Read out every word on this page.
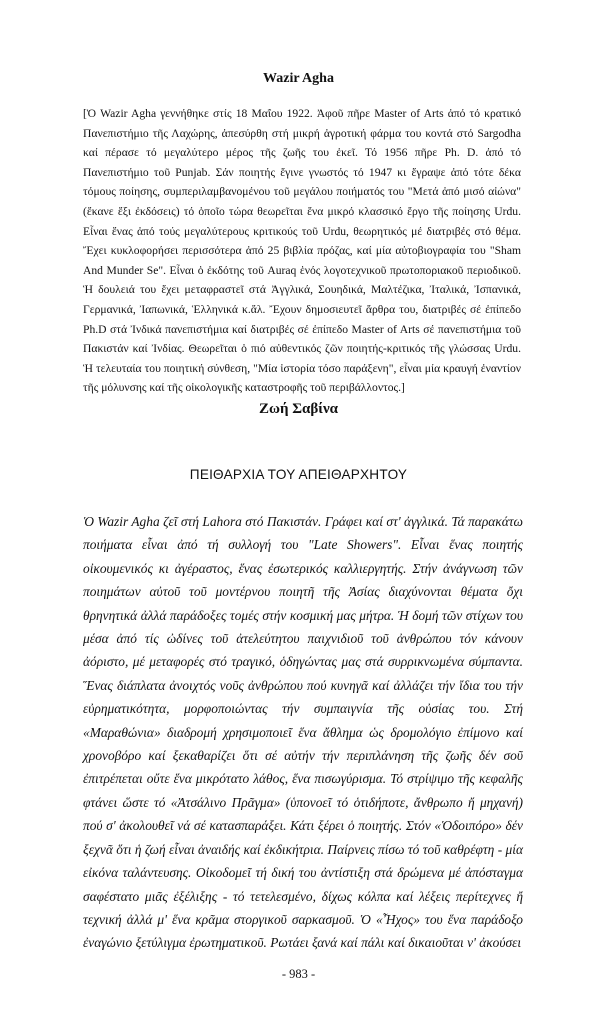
Wazir Agha

[Ὁ Wazir Agha γεννήθηκε στίς 18 Μαΐου 1922. Ἀφοῦ πῆρε Master of Arts ἀπό τό κρατικό Πανεπιστήμιο τῆς Λαχώρης, ἀπεσύρθη στή μικρή ἀγροτική φάρμα του κοντά στό Sargodha καί πέρασε τό μεγαλύτερο μέρος τῆς ζωῆς του ἐκεῖ. Τό 1956 πῆρε Ph. D. ἀπό τό Πανεπιστήμιο τοῦ Punjab. Σάν ποιητής ἔγινε γνωστός τό 1947 κι ἔγραψε ἀπό τότε δέκα τόμους ποίησης, συμπεριλαμβανομένου τοῦ μεγάλου ποιήματός του "Μετά ἀπό μισό αἰώνα" (ἔκανε ἔξι ἐκδόσεις) τό ὁποῖο τώρα θεωρεῖται ἕνα μικρό κλασσικό ἔργο τῆς ποίησης Urdu. Εἶναι ἕνας ἀπό τούς μεγαλύτερους κριτικούς τοῦ Urdu, θεωρητικός μέ διατριβές στό θέμα. Ἔχει κυκλοφορήσει περισσότερα ἀπό 25 βιβλία πρόζας, καί μία αὐτοβιογραφία του "Sham And Munder Se". Εἶναι ὁ ἐκδότης τοῦ Auraq ἑνός λογοτεχνικοῦ πρωτοποριακοῦ περιοδικοῦ. Ἡ δουλειά του ἔχει μεταφραστεῖ στά Ἀγγλικά, Σουηδικά, Μαλτέζικα, Ἰταλικά, Ἰσπανικά, Γερμανικά, Ἰαπωνικά, Ἑλληνικά κ.ἄλ. Ἔχουν δημοσιευτεῖ ἄρθρα του, διατριβές σέ ἐπίπεδο Ph.D στά Ἰνδικά πανεπιστήμια καί διατριβές σέ ἐπίπεδο Master of Arts σέ πανεπιστήμια τοῦ Πακιστάν καί Ἰνδίας. Θεωρεῖται ὁ πιό αὐθεντικός ζῶν ποιητής-κριτικός τῆς γλώσσας Urdu. Ἡ τελευταία του ποιητική σύνθεση, "Μία ἱστορία τόσο παράξενη", εἶναι μία κραυγή ἐναντίον τῆς μόλυνσης καί τῆς οἰκολογικῆς καταστροφῆς τοῦ περιβάλλοντος.]

Ζωή Σαβίνα
ΠΕΙΘΑΡΧΙΑ ΤΟΥ ΑΠΕΙΘΑΡΧΗΤΟΥ

Ὁ Wazir Agha ζεῖ στή Lahora στό Πακιστάν. Γράφει καί στ' ἀγγλικά. Τά παρακάτω ποιήματα εἶναι ἀπό τή συλλογή του "Late Showers". Εἶναι ἕνας ποιητής οἰκουμενικός κι ἀγέραστος, ἕνας ἐσωτερικός καλλιεργητής. Στήν ἀνάγνωση τῶν ποιημάτων αὐτοῦ τοῦ μοντέρνου ποιητῆ τῆς Ἀσίας διαχύνονται θέματα ὄχι θρηνητικά ἀλλά παράδοξες τομές στήν κοσμική μας μήτρα. Ἡ δομή τῶν στίχων του μέσα ἀπό τίς ὠδίνες τοῦ ἀτελεύτητου παιχνιδιοῦ τοῦ ἀνθρώπου τόν κάνουν ἀόριστο, μέ μεταφορές στό τραγικό, ὁδηγώντας μας στά συρρικνωμένα σύμπαντα. Ἕνας διάπλατα ἀνοιχτός νοῦς ἀνθρώπου πού κυνηγᾶ καί ἀλλάζει τήν ἴδια του τήν εὐρηματικότητα, μορφοποιώντας τήν συμπαιγνία τῆς οὐσίας του. Στή «Μαραθώνια» διαδρομή χρησιμοποιεῖ ἕνα ἄθλημα ὡς δρομολόγιο ἐπίμονο καί χρονοβόρο καί ξεκαθαρίζει ὅτι σέ αὐτήν τήν περιπλάνηση τῆς ζωῆς δέν σοῦ ἐπιτρέπεται οὔτε ἕνα μικρότατο λάθος, ἕνα πισωγύρισμα. Τό στρίψιμο τῆς κεφαλῆς φτάνει ὥστε τό «Ἀτσάλινο Πρᾶγμα» (ὑπονοεῖ τό ὁτιδήποτε, ἄνθρωπο ἤ μηχανή) πού σ' ἀκολουθεῖ νά σέ κατασπαράξει. Κάτι ξέρει ὁ ποιητής. Στόν «Ὁδοιπόρο» δέν ξεχνᾶ ὅτι ἡ ζωή εἶναι ἀναιδής καί ἐκδικήτρια. Παίρνεις πίσω τό τοῦ καθρέφτη - μία εἰκόνα ταλάντευσης. Οἰκοδομεῖ τή δική του ἀντίστιξη στά δρώμενα μέ ἀπόσταγμα σαφέστατο μιᾶς ἐξέλιξης - τό τετελεσμένο, δίχως κόλπα καί λέξεις περίτεχνες ἤ τεχνική ἀλλά μ' ἕνα κρᾶμα στοργικοῦ σαρκασμοῦ. Ὁ «Ἦχος» του ἕνα παράδοξο ἐναγώνιο ξετύλιγμα ἐρωτηματικοῦ. Ρωτάει ξανά καί πάλι καί δικαιοῦται ν' ἀκούσει

- 983 -
